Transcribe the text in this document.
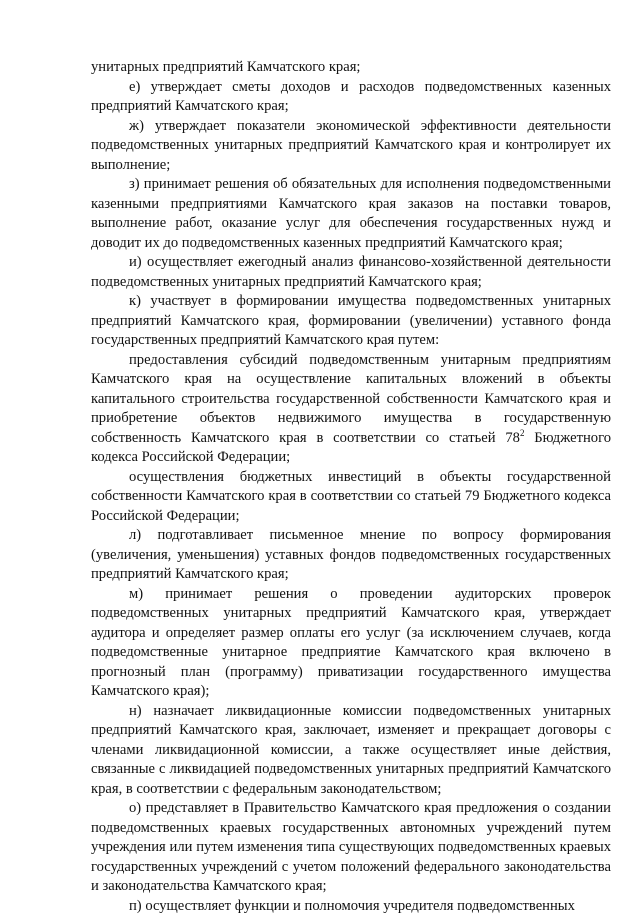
унитарных предприятий Камчатского края;

е) утверждает сметы доходов и расходов подведомственных казенных предприятий Камчатского края;

ж) утверждает показатели экономической эффективности деятельности подведомственных унитарных предприятий Камчатского края и контролирует их выполнение;

з) принимает решения об обязательных для исполнения подведомственными казенными предприятиями Камчатского края заказов на поставки товаров, выполнение работ, оказание услуг для обеспечения государственных нужд и доводит их до подведомственных казенных предприятий Камчатского края;

и) осуществляет ежегодный анализ финансово-хозяйственной деятельности подведомственных унитарных предприятий Камчатского края;

к) участвует в формировании имущества подведомственных унитарных предприятий Камчатского края, формировании (увеличении) уставного фонда государственных предприятий Камчатского края путем:

предоставления субсидий подведомственным унитарным предприятиям Камчатского края на осуществление капитальных вложений в объекты капитального строительства государственной собственности Камчатского края и приобретение объектов недвижимого имущества в государственную собственность Камчатского края в соответствии со статьей $78^2$ Бюджетного кодекса Российской Федерации;

осуществления бюджетных инвестиций в объекты государственной собственности Камчатского края в соответствии со статьей 79 Бюджетного кодекса Российской Федерации;

л) подготавливает письменное мнение по вопросу формирования (увеличения, уменьшения) уставных фондов подведомственных государственных предприятий Камчатского края;

м) принимает решения о проведении аудиторских проверок подведомственных унитарных предприятий Камчатского края, утверждает аудитора и определяет размер оплаты его услуг (за исключением случаев, когда подведомственные унитарное предприятие Камчатского края включено в прогнозный план (программу) приватизации государственного имущества Камчатского края);

н) назначает ликвидационные комиссии подведомственных унитарных предприятий Камчатского края, заключает, изменяет и прекращает договоры с членами ликвидационной комиссии, а также осуществляет иные действия, связанные с ликвидацией подведомственных унитарных предприятий Камчатского края, в соответствии с федеральным законодательством;

о) представляет в Правительство Камчатского края предложения о создании подведомственных краевых государственных автономных учреждений путем учреждения или путем изменения типа существующих подведомственных краевых государственных учреждений с учетом положений федерального законодательства и законодательства Камчатского края;

п) осуществляет функции и полномочия учредителя подведомственных
